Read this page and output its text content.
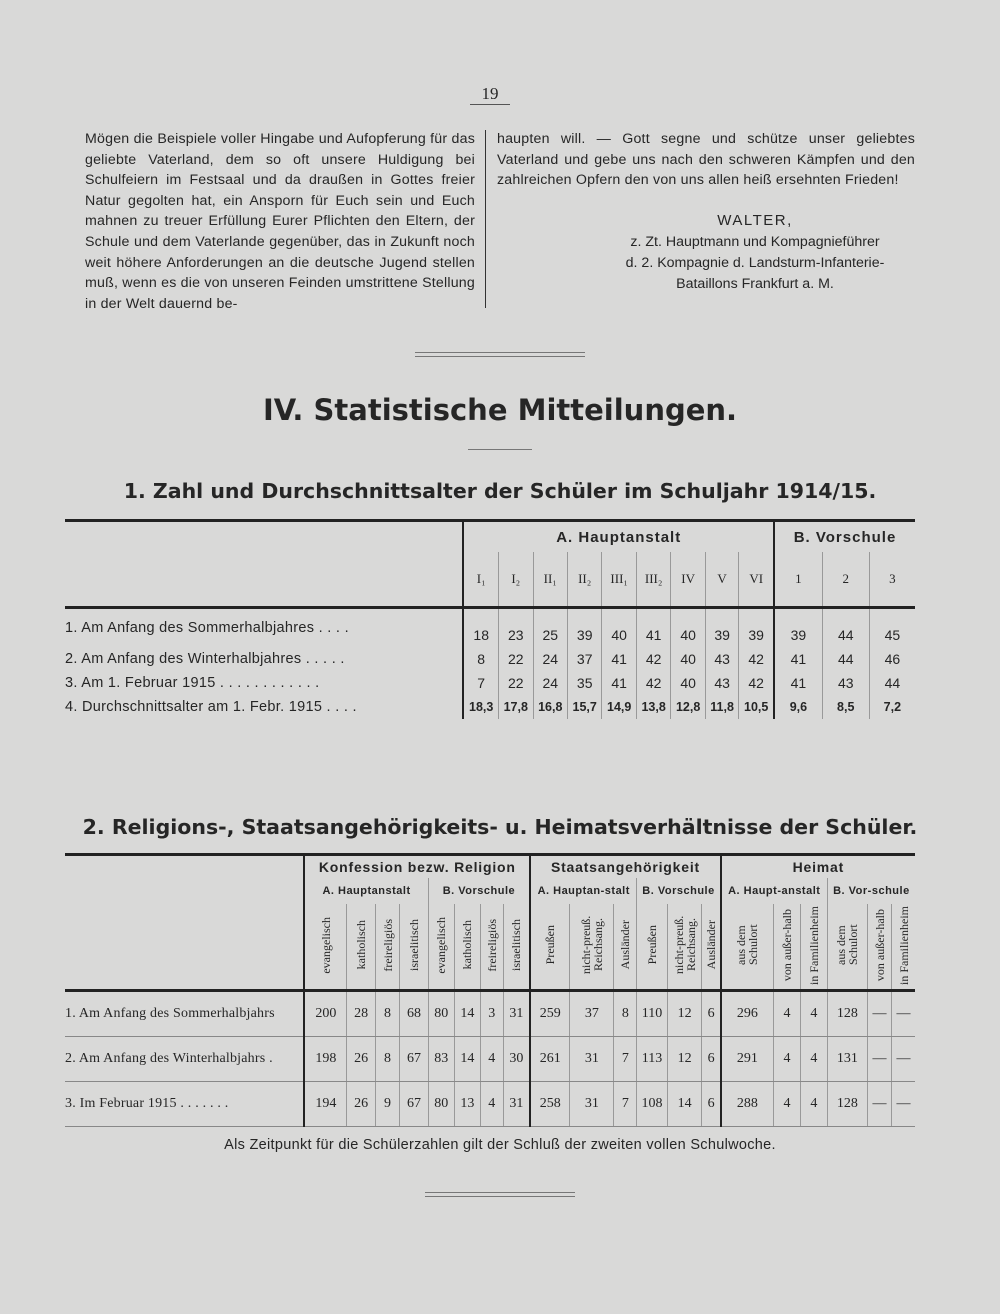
19

Mögen die Beispiele voller Hingabe und Aufopferung für das geliebte Vaterland, dem so oft unsere Huldigung bei Schulfeiern im Festsaal und da draußen in Gottes freier Natur gegolten hat, ein Ansporn für Euch sein und Euch mahnen zu treuer Erfüllung Eurer Pflichten den Eltern, der Schule und dem Vaterlande gegenüber, das in Zukunft noch weit höhere Anforderungen an die deutsche Jugend stellen muß, wenn es die von unseren Feinden umstrittene Stellung in der Welt dauernd be-

haupten will. — Gott segne und schütze unser geliebtes Vaterland und gebe uns nach den schweren Kämpfen und den zahlreichen Opfern den von uns allen heiß ersehnten Frieden!

WALTER,
z. Zt. Hauptmann und Kompagnieführer
d. 2. Kompagnie d. Landsturm-Infanterie-
Bataillons Frankfurt a. M.
IV. Statistische Mitteilungen.
1. Zahl und Durchschnittsalter der Schüler im Schuljahr 1914/15.
	A. Hauptanstalt									B. Vorschule		
	I₁	I₂	II₁	II₂	III₁	III₂	IV	V	VI	1	2	3
1. Am Anfang des Sommerhalbjahres . . . .	18	23	25	39	40	41	40	39	39	39	44	45
2. Am Anfang des Winterhalbjahres . . . . .	8	22	24	37	41	42	40	43	42	41	44	46
3. Am 1. Februar 1915 . . . . . . . . . . . .	7	22	24	35	41	42	40	43	42	41	43	44
4. Durchschnittsalter am 1. Febr. 1915 . . . .	18,3	17,8	16,8	15,7	14,9	13,8	12,8	11,8	10,5	9,6	8,5	7,2
2. Religions-, Staatsangehörigkeits- u. Heimatsverhältnisse der Schüler.
	Konfession bezw. Religion								Staatsangehörigkeit						Heimat					
	A. Hauptanstalt				B. Vorschule				A. Hauptan-stalt			B. Vorschule			A. Haupt-anstalt			B. Vor-schule		
	evangelisch	katholisch	freireligiös	israelitisch	evangelisch	katholisch	freireligiös	israelitisch	Preußen	nicht-preuß. Reichsang.	Ausländer	Preußen	nicht-preuß. Reichsang.	Ausländer	aus dem Schulort	von außer-halb	in Familienheim	aus dem Schulort	von außer-halb	in Familienheim
1. Am Anfang des Sommerhalbjahrs	200	28	8	68	80	14	3	31	259	37	8	110	12	6	296	4	4	128	—	—
2. Am Anfang des Winterhalbjahrs .	198	26	8	67	83	14	4	30	261	31	7	113	12	6	291	4	4	131	—	—
3. Im Februar 1915 . . . . . . .	194	26	9	67	80	13	4	31	258	31	7	108	14	6	288	4	4	128	—	—
Als Zeitpunkt für die Schülerzahlen gilt der Schluß der zweiten vollen Schulwoche.
